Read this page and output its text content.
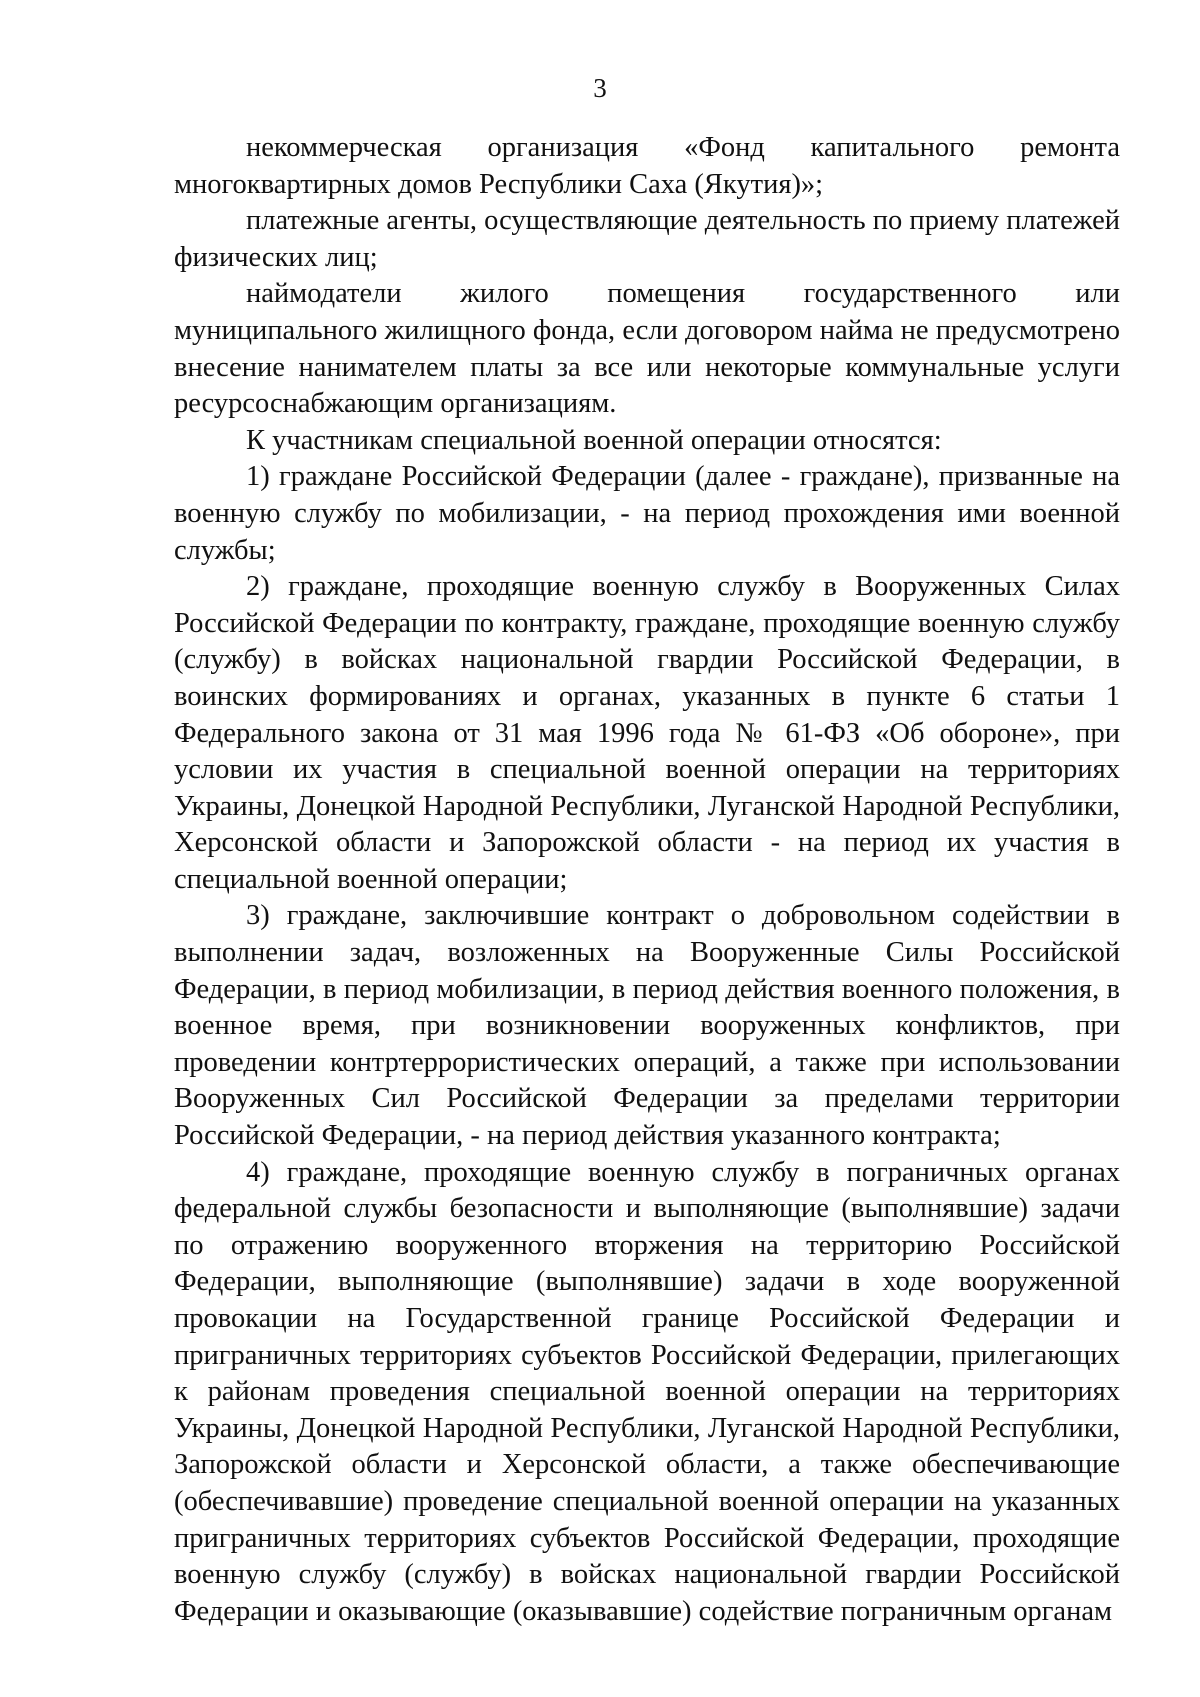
3

некоммерческая организация «Фонд капитального ремонта многоквартирных домов Республики Саха (Якутия)»;

платежные агенты, осуществляющие деятельность по приему платежей физических лиц;

наймодатели жилого помещения государственного или муниципального жилищного фонда, если договором найма не предусмотрено внесение нанимателем платы за все или некоторые коммунальные услуги ресурсоснабжающим организациям.

К участникам специальной военной операции относятся:

1) граждане Российской Федерации (далее - граждане), призванные на военную службу по мобилизации, - на период прохождения ими военной службы;

2) граждане, проходящие военную службу в Вооруженных Силах Российской Федерации по контракту, граждане, проходящие военную службу (службу) в войсках национальной гвардии Российской Федерации, в воинских формированиях и органах, указанных в пункте 6 статьи 1 Федерального закона от 31 мая 1996 года № 61-ФЗ «Об обороне», при условии их участия в специальной военной операции на территориях Украины, Донецкой Народной Республики, Луганской Народной Республики, Херсонской области и Запорожской области - на период их участия в специальной военной операции;

3) граждане, заключившие контракт о добровольном содействии в выполнении задач, возложенных на Вооруженные Силы Российской Федерации, в период мобилизации, в период действия военного положения, в военное время, при возникновении вооруженных конфликтов, при проведении контртеррористических операций, а также при использовании Вооруженных Сил Российской Федерации за пределами территории Российской Федерации, - на период действия указанного контракта;

4) граждане, проходящие военную службу в пограничных органах федеральной службы безопасности и выполняющие (выполнявшие) задачи по отражению вооруженного вторжения на территорию Российской Федерации, выполняющие (выполнявшие) задачи в ходе вооруженной провокации на Государственной границе Российской Федерации и приграничных территориях субъектов Российской Федерации, прилегающих к районам проведения специальной военной операции на территориях Украины, Донецкой Народной Республики, Луганской Народной Республики, Запорожской области и Херсонской области, а также обеспечивающие (обеспечивавшие) проведение специальной военной операции на указанных приграничных территориях субъектов Российской Федерации, проходящие военную службу (службу) в войсках национальной гвардии Российской Федерации и оказывающие (оказывавшие) содействие пограничным органам
